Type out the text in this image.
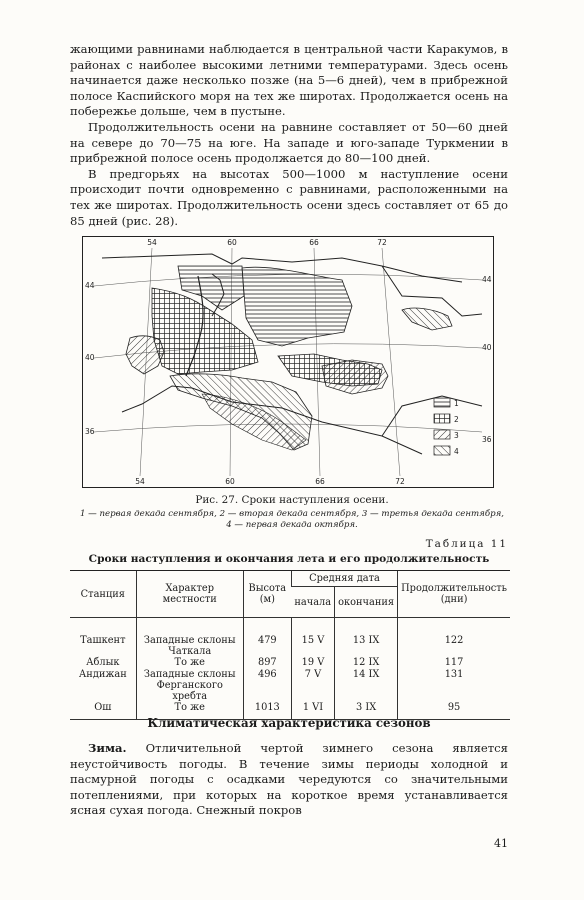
жающими равнинами наблюдается в центральной части Каракумов, в районах с наиболее высокими летними температурами. Здесь осень начинается даже несколько позже (на 5—6 дней), чем в прибрежной полосе Каспийского моря на тех же широтах. Продолжается осень на побережье дольше, чем в пустыне.

Продолжительность осени на равнине составляет от 50—60 дней на севере до 70—75 на юге. На западе и юго-западе Туркмении в прибрежной полосе осень продолжается до 80—100 дней.

В предгорьях на высотах 500—1000 м наступление осени происходит почти одновременно с равнинами, расположенными на тех же широтах. Продолжительность осени здесь составляет от 65 до 85 дней (рис. 28).

54	60	66	72
54	60	66	72
44
40
36
44
40
36
1
2
3
4
Рис. 27. Сроки наступления осени.
1 — первая декада сентября, 2 — вторая декада сентября, 3 — третья декада сентября,
4 — первая декада октября.
Таблица 11
Сроки наступления и окончания лета и его продолжительность
Станция	Характер местности	Высота (м)	Средняя дата		Продолжительность (дни)
			начала	окончания	
Ташкент	Западные склоны Чаткала	479	15 V	13 IX	122
Аблык	То же	897	19 V	12 IX	117
Андижан	Западные склоны Ферганского хребта	496	7 V	14 IX	131
Ош	То же	1013	1 VI	3 IX	95
Климатическая характеристика сезонов

Зима. Отличительной чертой зимнего сезона является неустойчивость погоды. В течение зимы периоды холодной и пасмурной погоды с осадками чередуются со значительными потеплениями, при которых на короткое время устанавливается ясная сухая погода. Снежный покров

41
